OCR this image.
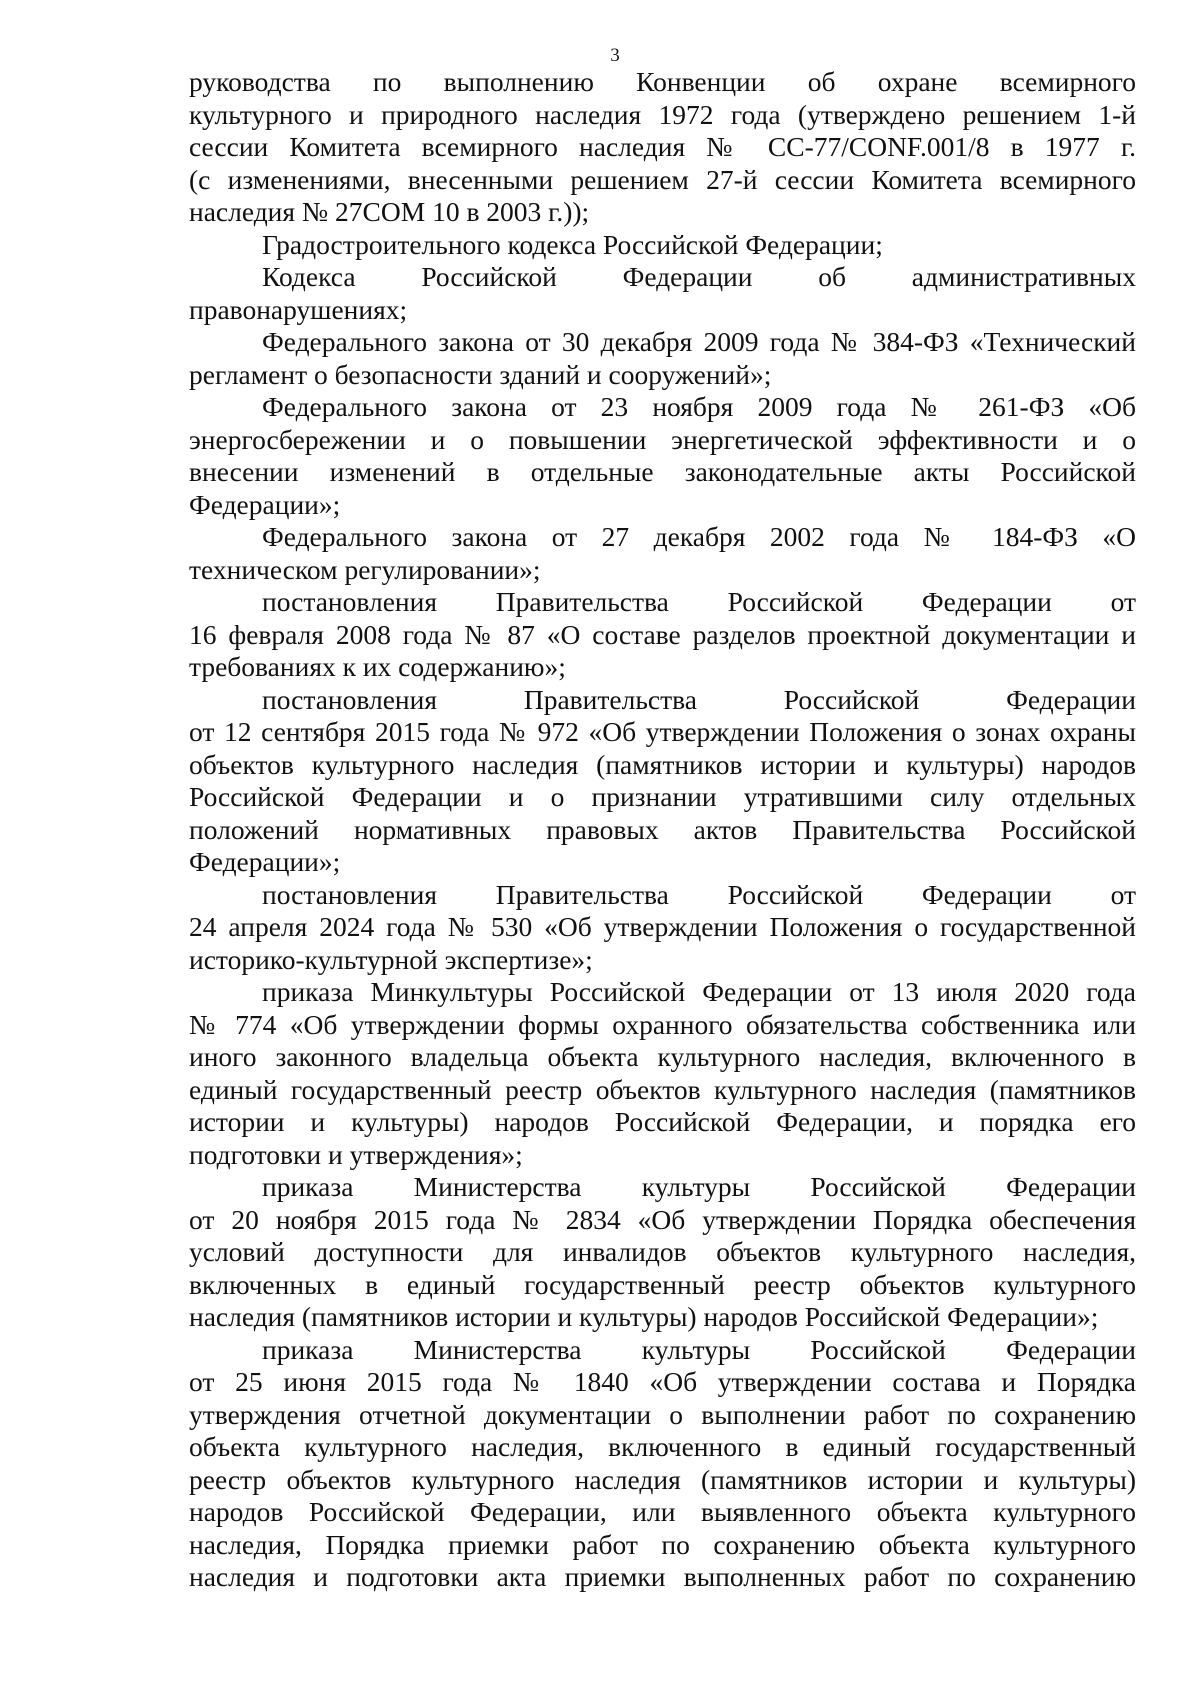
3
руководства по выполнению Конвенции об охране всемирного
культурного и природного наследия 1972 года (утверждено решением 1-й
сессии Комитета всемирного наследия № CC-77/CONF.001/8 в 1977 г.
(с изменениями, внесенными решением 27-й сессии Комитета всемирного
наследия № 27COM 10 в 2003 г.));
Градостроительного кодекса Российской Федерации;
Кодекса Российской Федерации об административных
правонарушениях;
Федерального закона от 30 декабря 2009 года № 384-ФЗ «Технический
регламент о безопасности зданий и сооружений»;
Федерального закона от 23 ноября 2009 года № 261-ФЗ «Об
энергосбережении и о повышении энергетической эффективности и о
внесении изменений в отдельные законодательные акты Российской
Федерации»;
Федерального закона от 27 декабря 2002 года № 184-ФЗ «О
техническом регулировании»;
постановления Правительства Российской Федерации от
16 февраля 2008 года № 87 «О составе разделов проектной документации и
требованиях к их содержанию»;
постановления Правительства Российской Федерации
от 12 сентября 2015 года № 972 «Об утверждении Положения о зонах охраны
объектов культурного наследия (памятников истории и культуры) народов
Российской Федерации и о признании утратившими силу отдельных
положений нормативных правовых актов Правительства Российской
Федерации»;
постановления Правительства Российской Федерации от
24 апреля 2024 года № 530 «Об утверждении Положения о государственной
историко-культурной экспертизе»;
приказа Минкультуры Российской Федерации от 13 июля 2020 года
№ 774 «Об утверждении формы охранного обязательства собственника или
иного законного владельца объекта культурного наследия, включенного в
единый государственный реестр объектов культурного наследия (памятников
истории и культуры) народов Российской Федерации, и порядка его
подготовки и утверждения»;
приказа Министерства культуры Российской Федерации
от 20 ноября 2015 года № 2834 «Об утверждении Порядка обеспечения
условий доступности для инвалидов объектов культурного наследия,
включенных в единый государственный реестр объектов культурного
наследия (памятников истории и культуры) народов Российской Федерации»;
приказа Министерства культуры Российской Федерации
от 25 июня 2015 года № 1840 «Об утверждении состава и Порядка
утверждения отчетной документации о выполнении работ по сохранению
объекта культурного наследия, включенного в единый государственный
реестр объектов культурного наследия (памятников истории и культуры)
народов Российской Федерации, или выявленного объекта культурного
наследия, Порядка приемки работ по сохранению объекта культурного
наследия и подготовки акта приемки выполненных работ по сохранению
